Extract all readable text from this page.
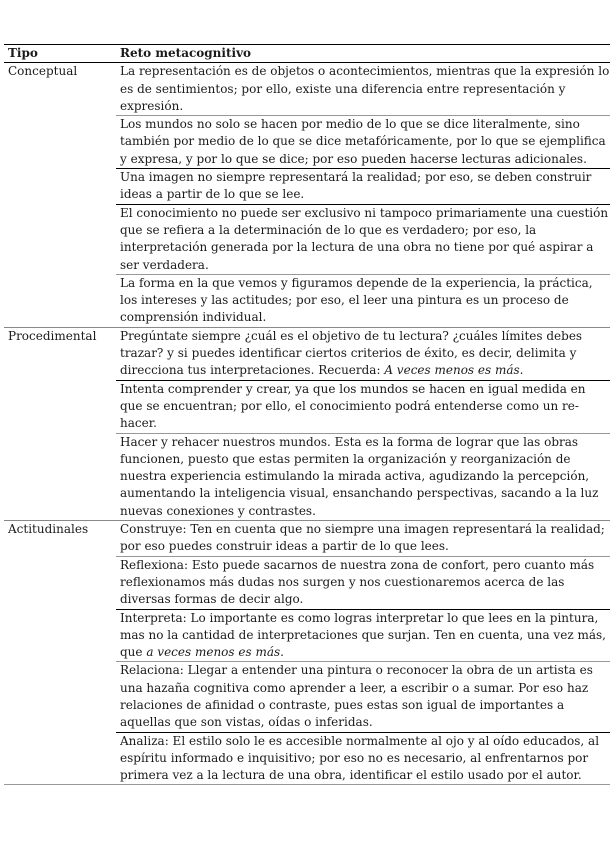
Tipo	Reto metacognitivo
Conceptual	La representación es de objetos o acontecimientos, mientras que la expresión lo es de sentimientos; por ello, existe una diferencia entre representación y expresión.
	Los mundos no solo se hacen por medio de lo que se dice literalmente, sino también por medio de lo que se dice metafóricamente, por lo que se ejemplifica y expresa, y por lo que se dice; por eso pueden hacerse lecturas adicionales.
	Una imagen no siempre representará la realidad; por eso, se deben construir ideas a partir de lo que se lee.
	El conocimiento no puede ser exclusivo ni tampoco primariamente una cuestión que se refiera a la determinación de lo que es verdadero; por eso, la interpretación generada por la lectura de una obra no tiene por qué aspirar a ser verdadera.
	La forma en la que vemos y figuramos depende de la experiencia, la práctica, los intereses y las actitudes; por eso, el leer una pintura es un proceso de comprensión individual.
Procedimental	Pregúntate siempre ¿cuál es el objetivo de tu lectura? ¿cuáles límites debes trazar? y si puedes identificar ciertos criterios de éxito, es decir, delimita y direcciona tus interpretaciones. Recuerda: A veces menos es más.
	Intenta comprender y crear, ya que los mundos se hacen en igual medida en que se encuentran; por ello, el conocimiento podrá entenderse como un re-hacer.
	Hacer y rehacer nuestros mundos. Esta es la forma de lograr que las obras funcionen, puesto que estas permiten la organización y reorganización de nuestra experiencia estimulando la mirada activa, agudizando la percepción, aumentando la inteligencia visual, ensanchando perspectivas, sacando a la luz nuevas conexiones y contrastes.
Actitudinales	Construye: Ten en cuenta que no siempre una imagen representará la realidad; por eso puedes construir ideas a partir de lo que lees.
	Reflexiona: Esto puede sacarnos de nuestra zona de confort, pero cuanto más reflexionamos más dudas nos surgen y nos cuestionaremos acerca de las diversas formas de decir algo.
	Interpreta: Lo importante es como logras interpretar lo que lees en la pintura, mas no la cantidad de interpretaciones que surjan. Ten en cuenta, una vez más, que a veces menos es más.
	Relaciona: Llegar a entender una pintura o reconocer la obra de un artista es una hazaña cognitiva como aprender a leer, a escribir o a sumar. Por eso haz relaciones de afinidad o contraste, pues estas son igual de importantes a aquellas que son vistas, oídas o inferidas.
	Analiza: El estilo solo le es accesible normalmente al ojo y al oído educados, al espíritu informado e inquisitivo; por eso no es necesario, al enfrentarnos por primera vez a la lectura de una obra, identificar el estilo usado por el autor.
